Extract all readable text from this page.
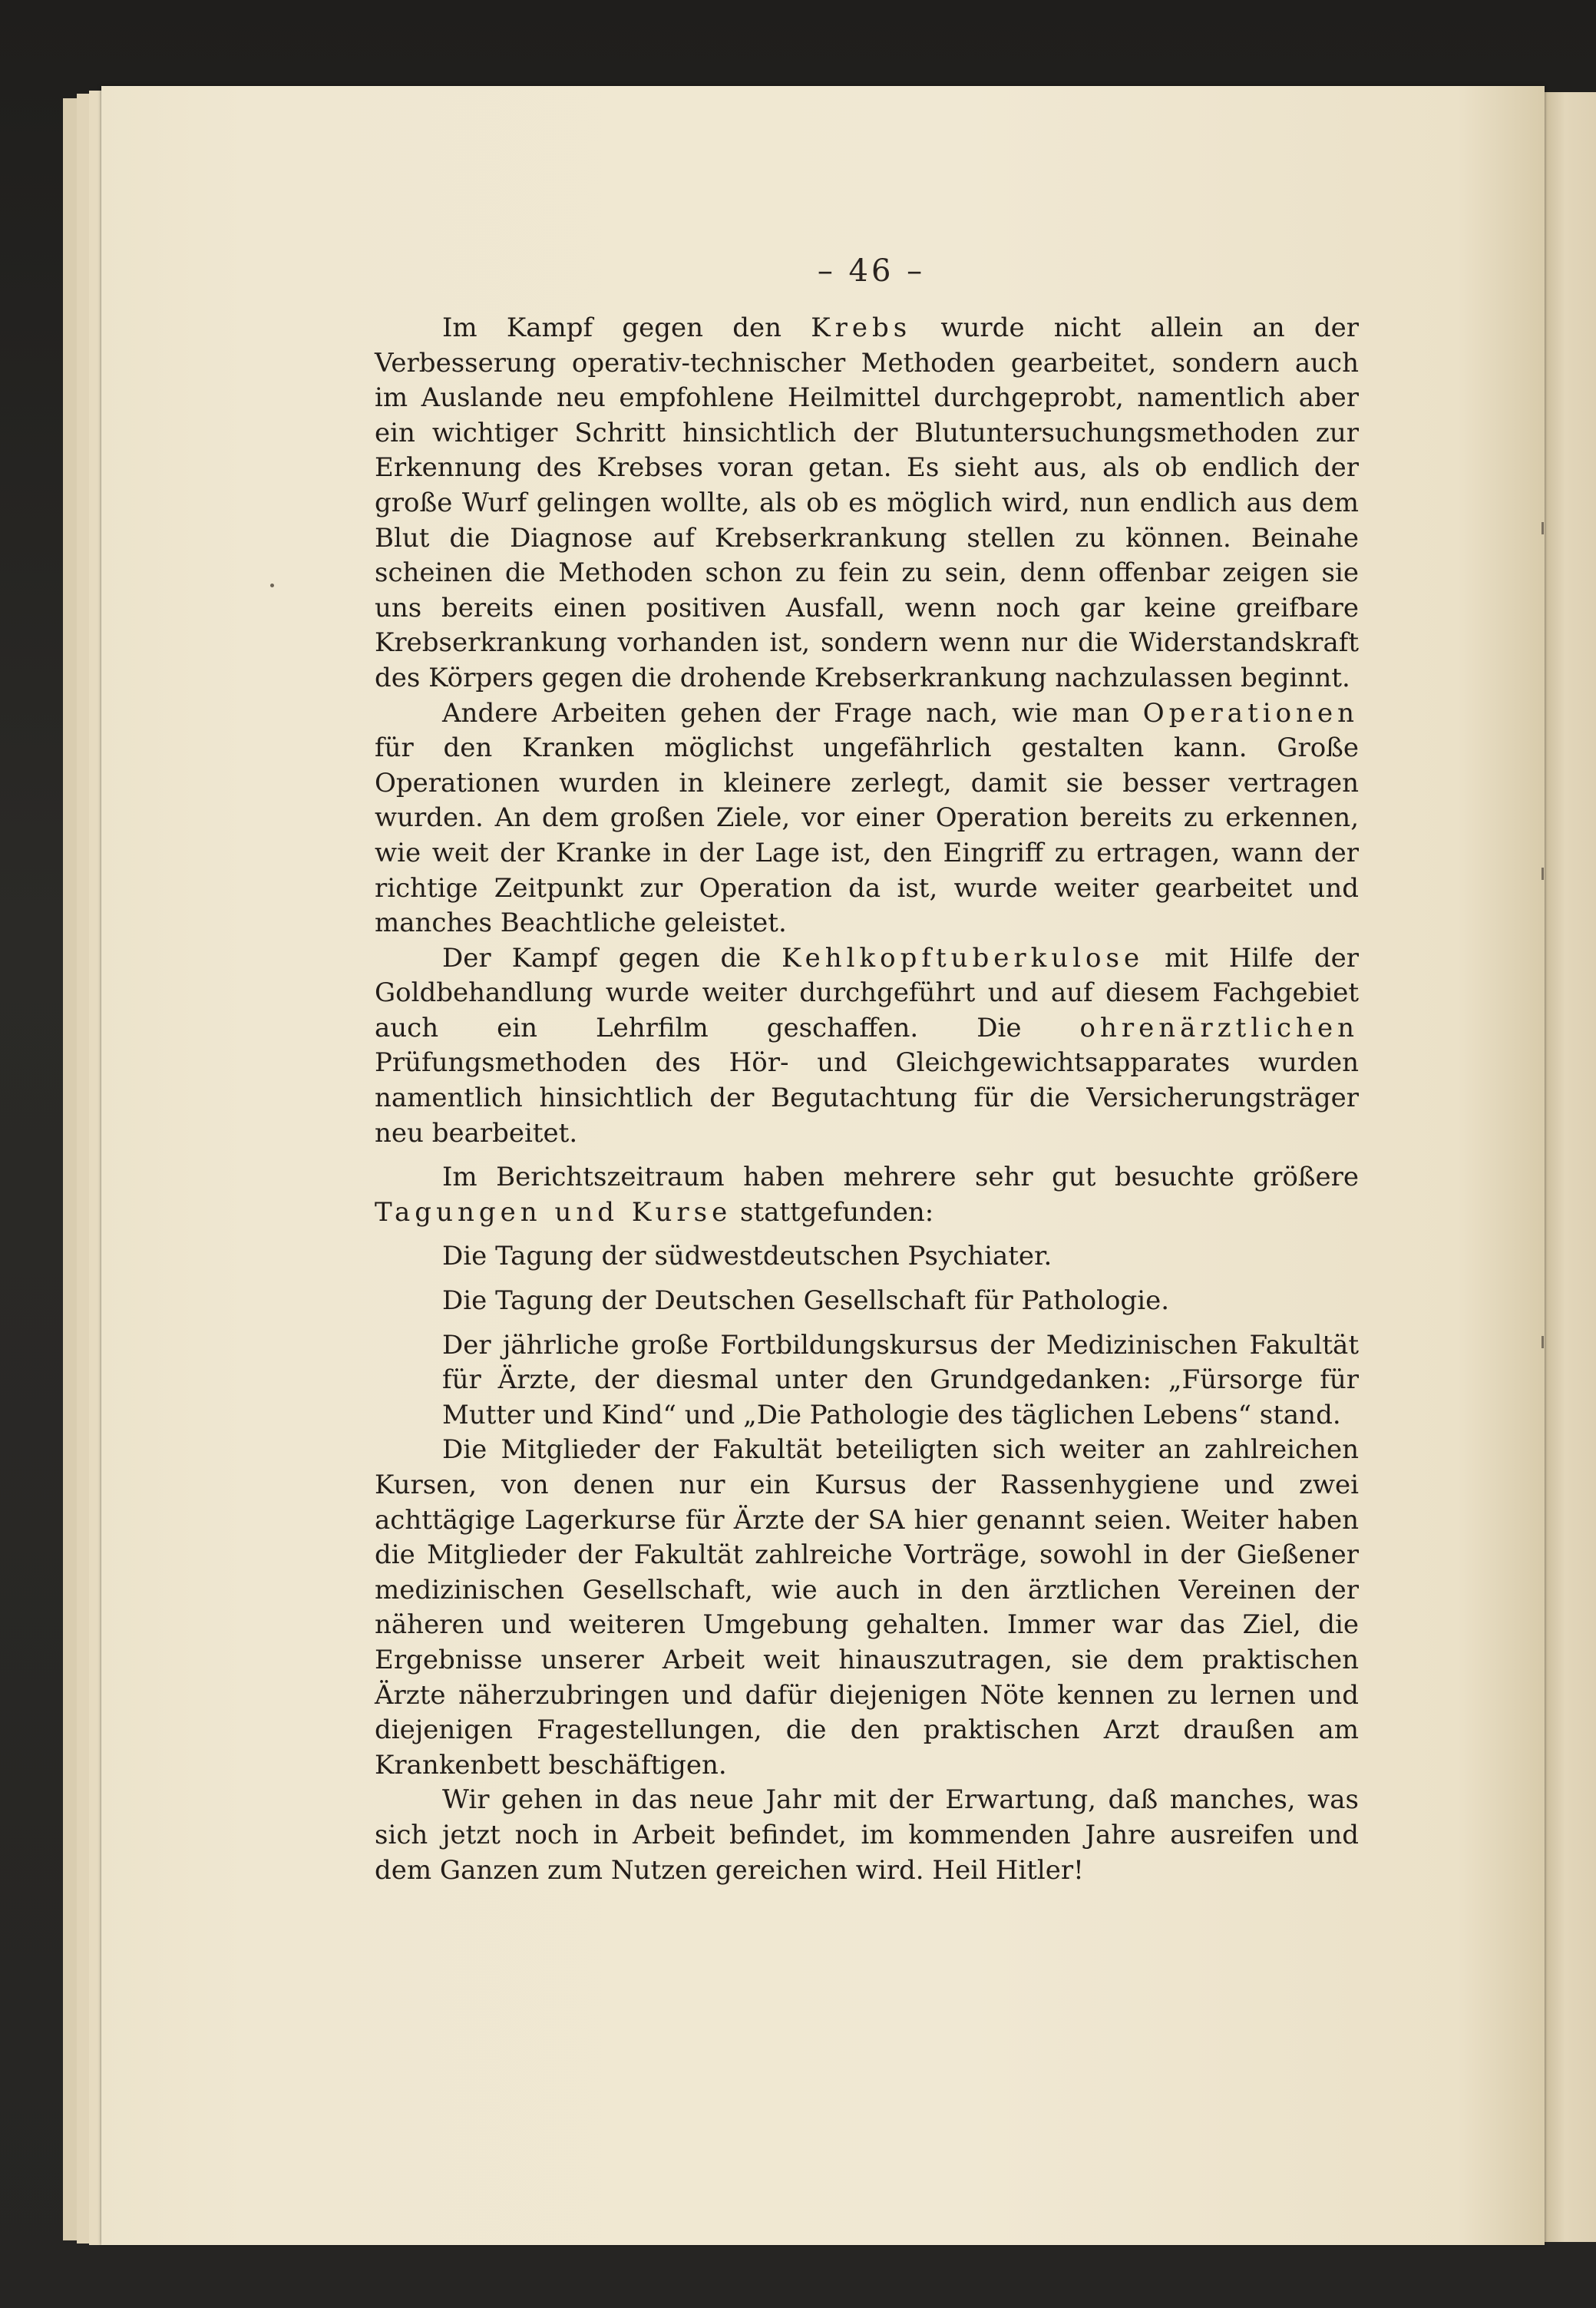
– 46 –

Im Kampf gegen den Krebs wurde nicht allein an der Verbesserung operativ-technischer Methoden gearbeitet, sondern auch im Auslande neu empfohlene Heilmittel durchgeprobt, namentlich aber ein wichtiger Schritt hinsichtlich der Blutuntersuchungsmethoden zur Erkennung des Krebses voran getan. Es sieht aus, als ob endlich der große Wurf gelingen wollte, als ob es möglich wird, nun endlich aus dem Blut die Diagnose auf Krebserkrankung stellen zu können. Beinahe scheinen die Methoden schon zu fein zu sein, denn offenbar zeigen sie uns bereits einen positiven Ausfall, wenn noch gar keine greifbare Krebserkrankung vorhanden ist, sondern wenn nur die Widerstandskraft des Körpers gegen die drohende Krebserkrankung nachzulassen beginnt.

Andere Arbeiten gehen der Frage nach, wie man Operationen für den Kranken möglichst ungefährlich gestalten kann. Große Operationen wurden in kleinere zerlegt, damit sie besser vertragen wurden. An dem großen Ziele, vor einer Operation bereits zu erkennen, wie weit der Kranke in der Lage ist, den Eingriff zu ertragen, wann der richtige Zeitpunkt zur Operation da ist, wurde weiter gearbeitet und manches Beachtliche geleistet.

Der Kampf gegen die Kehlkopftuberkulose mit Hilfe der Goldbehandlung wurde weiter durchgeführt und auf diesem Fachgebiet auch ein Lehrfilm geschaffen. Die ohrenärztlichen Prüfungsmethoden des Hör- und Gleichgewichtsapparates wurden namentlich hinsichtlich der Begutachtung für die Versicherungsträger neu bearbeitet.

Im Berichtszeitraum haben mehrere sehr gut besuchte größere Tagungen und Kurse stattgefunden:

Die Tagung der südwestdeutschen Psychiater.

Die Tagung der Deutschen Gesellschaft für Pathologie.

Der jährliche große Fortbildungskursus der Medizinischen Fakultät für Ärzte, der diesmal unter den Grundgedanken: „Fürsorge für Mutter und Kind“ und „Die Pathologie des täglichen Lebens“ stand.

Die Mitglieder der Fakultät beteiligten sich weiter an zahlreichen Kursen, von denen nur ein Kursus der Rassenhygiene und zwei achttägige Lagerkurse für Ärzte der SA hier genannt seien. Weiter haben die Mitglieder der Fakultät zahlreiche Vorträge, sowohl in der Gießener medizinischen Gesellschaft, wie auch in den ärztlichen Vereinen der näheren und weiteren Umgebung gehalten. Immer war das Ziel, die Ergebnisse unserer Arbeit weit hinauszutragen, sie dem praktischen Ärzte näherzubringen und dafür diejenigen Nöte kennen zu lernen und diejenigen Fragestellungen, die den praktischen Arzt draußen am Krankenbett beschäftigen.

Wir gehen in das neue Jahr mit der Erwartung, daß manches, was sich jetzt noch in Arbeit befindet, im kommenden Jahre ausreifen und dem Ganzen zum Nutzen gereichen wird. Heil Hitler!
